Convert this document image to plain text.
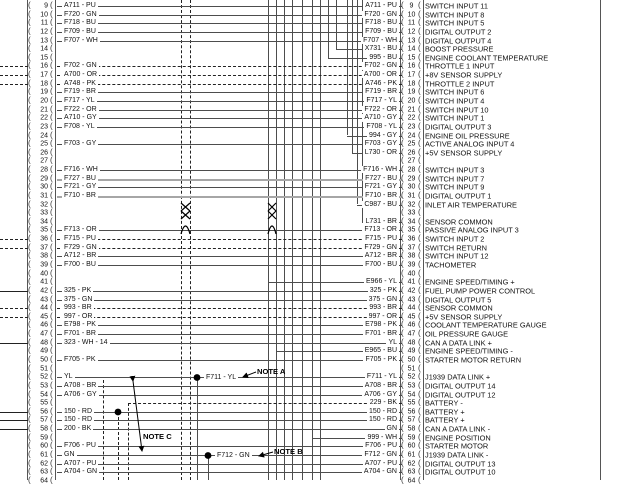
(	9 ( A711 - PU	A711 - PU ( 9 ( SWITCH INPUT 11
(	10 ( F720 - GN	F720 - GN ( 10 ( SWITCH INPUT 8
(	11 ( F718 - BU	F718 - BU ( 11 ( SWITCH INPUT 5
(	12 ( F709 - BU	F709 - BU ( 12 ( DIGITAL OUTPUT 2
(	13 ( F707 - WH	F707 - WH ( 13 ( DIGITAL OUTPUT 4
(	14 (	X731 - BU ( 14 ( BOOST PRESSURE
(	15 (	995 - BU ( 15 ( ENGINE COOLANT TEMPERATURE
(	16 ( F702 - GN	F702 - GN ( 16 ( THROTTLE 1 INPUT
(	17 ( A700 - OR	A700 - OR ( 17 ( +8V SENSOR SUPPLY
(	18 ( A748 - PK	A746 - PK ( 18 ( THROTTLE 2 INPUT
(	19 ( F719 - BR	F719 - BR ( 19 ( SWITCH INPUT 6
(	20 ( F717 - YL	F717 - YL ( 20 ( SWITCH INPUT 4
(	21 ( F722 - OR	F722 - OR ( 21 ( SWITCH INPUT 10
(	22 ( A710 - GY	A710 - GY ( 22 ( SWITCH INPUT 1
(	23 ( F708 - YL	F708 - YL ( 23 ( DIGITAL OUTPUT 3
(	24 (	994 - GY ( 24 ( ENGINE OIL PRESSURE
(	25 ( F703 - GY	F703 - GY ( 25 ( ACTIVE ANALOG INPUT 4
(	26 (	L730 - OR ( 26 ( +5V SENSOR SUPPLY
(	27 (	( 27 (
(	28 ( F716 - WH	F716 - WH ( 28 ( SWITCH INPUT 3
(	29 ( F727 - BU	F727 - BU ( 29 ( SWITCH INPUT 7
(	30 ( F721 - GY	F721 - GY ( 30 ( SWITCH INPUT 9
(	31 ( F710 - BR	F710 - BR ( 31 ( DIGITAL OUTPUT 1
(	32 (	C987 - BU ( 32 ( INLET AIR TEMPERATURE
(	33 (	( 33 (
(	34 (	L731 - BR ( 34 ( SENSOR COMMON
(	35 ( F713 - OR	F713 - OR ( 35 ( PASSIVE ANALOG INPUT 3
(	36 ( F715 - PU	F715 - PU ( 36 ( SWITCH INPUT 2
(	37 ( F729 - GN	F729 - GN ( 37 ( SWITCH RETURN
(	38 ( A712 - BR	A712 - BR ( 38 ( SWITCH INPUT 12
(	39 ( F700 - BU	F700 - BU ( 39 ( TACHOMETER
(	40 (	( 40 (
(	41 (	E966 - YL ( 41 ( ENGINE SPEED/TIMING +
(	42 ( 325 - PK	325 - PK ( 42 ( FUEL PUMP POWER CONTROL
(	43 ( 375 - GN	375 - GN ( 43 ( DIGITAL OUTPUT 5
(	44 ( 993 - BR	993 - BR ( 44 ( SENSOR COMMON
(	45 ( 997 - OR	997 - OR ( 45 ( +5V SENSOR SUPPLY
(	46 ( E798 - PK	E798 - PK ( 46 ( COOLANT TEMPERATURE GAUGE
(	47 ( F701 - BR	F701 - BR ( 47 ( OIL PRESSURE GAUGE
(	48 ( 323 - WH - 14	YL ( 48 ( CAN A DATA LINK +
(	49 (	E965 - BU ( 49 ( ENGINE SPEED/TIMING -
(	50 ( F705 - PK	F705 - PK ( 50 ( STARTER MOTOR RETURN
(	51 (	( 51 (
(	52 ( YL	F711 - YL ( 52 ( J1939 DATA LINK +
(	53 ( A708 - BR	A708 - BR ( 53 ( DIGITAL OUTPUT 14
(	54 ( A706 - GY	A706 - GY ( 54 ( DIGITAL OUTPUT 12
(	55 (	229 - BK ( 55 ( BATTERY -
(	56 ( 150 - RD	150 - RD ( 56 ( BATTERY +
(	57 ( 150 - RD	150 - RD ( 57 ( BATTERY +
(	58 ( 200 - BK	GN ( 58 ( CAN A DATA LINK -
(	59 (	999 - WH ( 59 ( ENGINE POSITION
(	60 ( F706 - PU	F706 - PU ( 60 ( STARTER MOTOR
(	61 ( GN	F712 - GN ( 61 ( J1939 DATA LINK -
(	62 ( A707 - PU	A707 - PU ( 62 ( DIGITAL OUTPUT 13
(	63 ( A704 - GN	A704 - GN ( 63 ( DIGITAL OUTPUT 10
(	64 (	( 64 (
F711 - YL
F712 - GN
NOTE A
NOTE B
NOTE C
